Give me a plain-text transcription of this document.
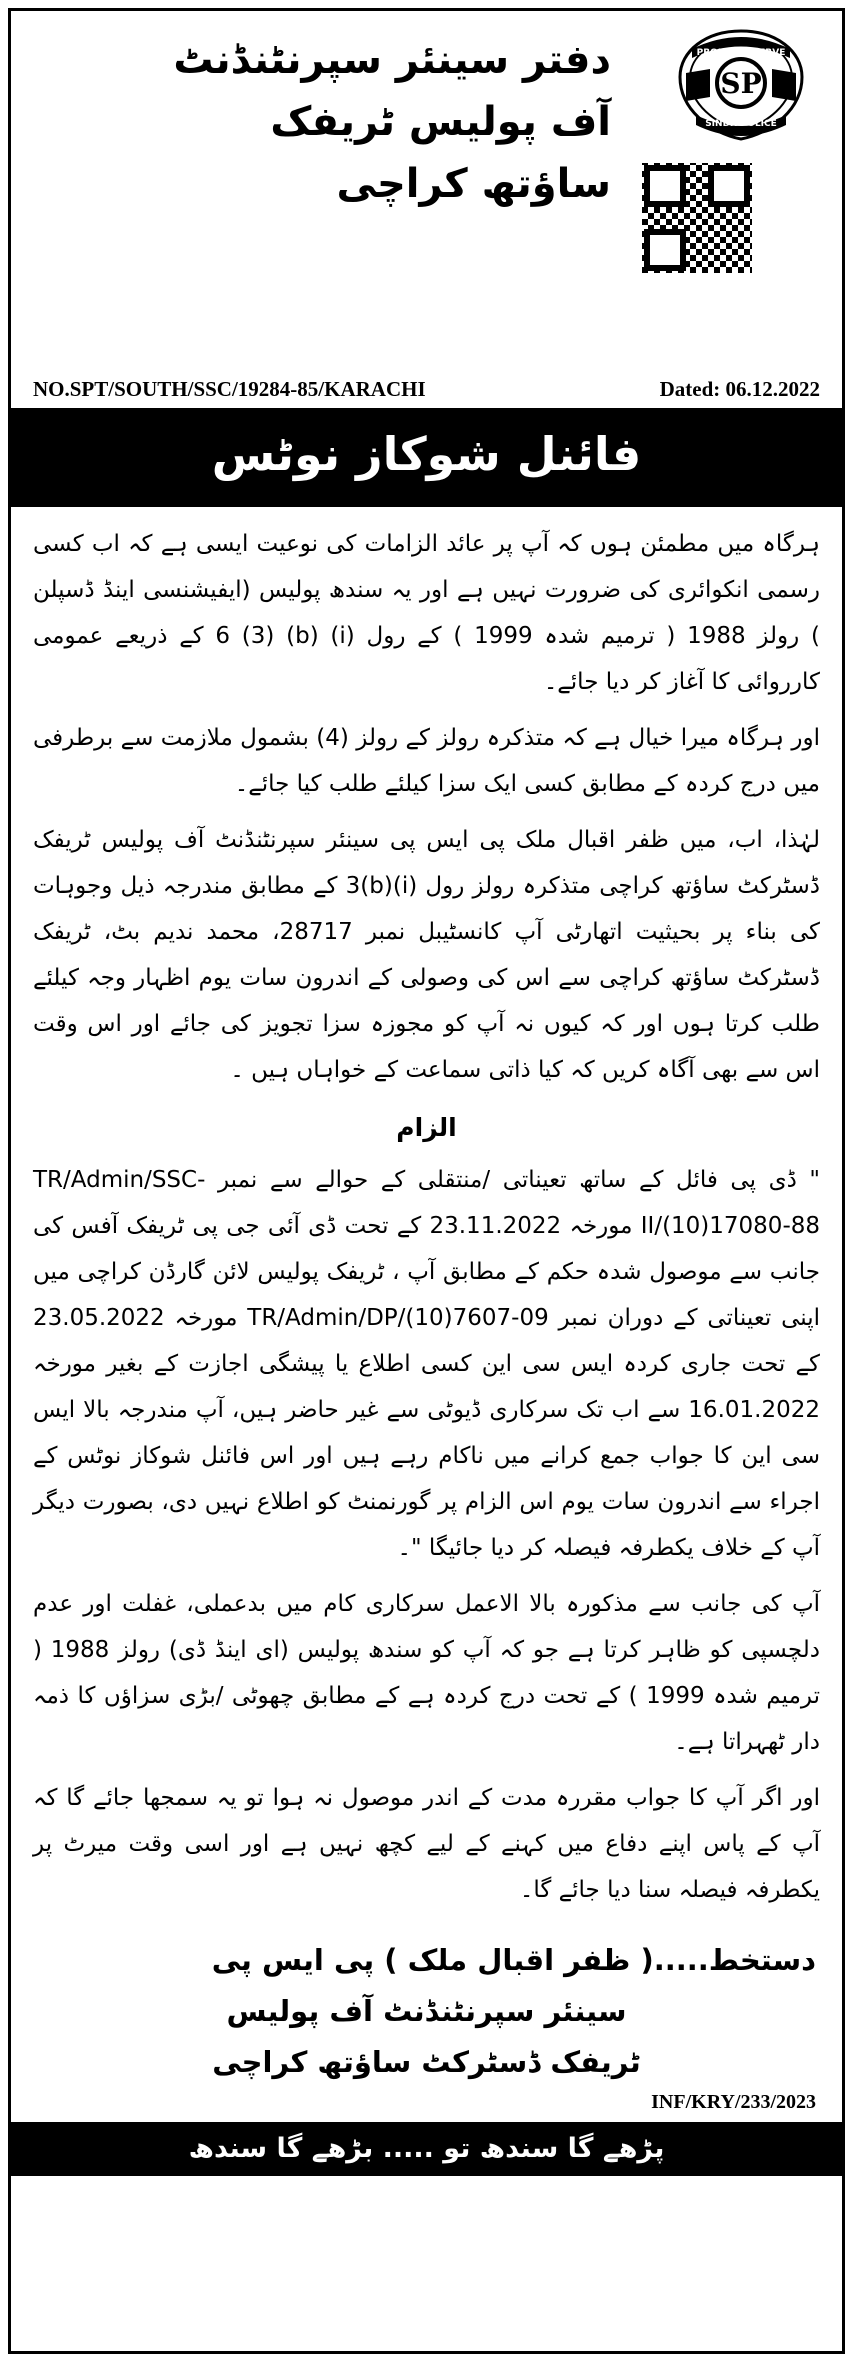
دفتر سینئر سپرنٹنڈنٹ
آف پولیس ٹریفک
ساؤتھ کراچی
PROUD TO SERVE
SP
SINDH POLICE
NO.SPT/SOUTH/SSC/19284-85/KARACHI	Dated: 06.12.2022
فائنل شوکاز نوٹس

ہرگاہ میں مطمئن ہوں کہ آپ پر عائد الزامات کی نوعیت ایسی ہے کہ اب کسی رسمی انکوائری کی ضرورت نہیں ہے اور یہ سندھ پولیس (ایفیشنسی اینڈ ڈسپلن ) رولز 1988 ( ترمیم شدہ 1999 ) کے رول (i) (b) (3) 6 کے ذریعے عمومی کارروائی کا آغاز کر دیا جائے۔

اور ہرگاہ میرا خیال ہے کہ متذکرہ رولز کے رولز (4) بشمول ملازمت سے برطرفی میں درج کردہ کے مطابق کسی ایک سزا کیلئے طلب کیا جائے۔

لہٰذا، اب، میں ظفر اقبال ملک پی ایس پی سینئر سپرنٹنڈنٹ آف پولیس ٹریفک ڈسٹرکٹ ساؤتھ کراچی متذکرہ رولز رول (i)3(b) کے مطابق مندرجہ ذیل وجوہات کی بناء پر بحیثیت اتھارٹی آپ کانسٹیبل نمبر 28717، محمد ندیم بٹ، ٹریفک ڈسٹرکٹ ساؤتھ کراچی سے اس کی وصولی کے اندرون سات یوم اظہار وجہ کیلئے طلب کرتا ہوں اور کہ کیوں نہ آپ کو مجوزہ سزا تجویز کی جائے اور اس وقت اس سے بھی آگاہ کریں کہ کیا ذاتی سماعت کے خواہاں ہیں ۔

الزام

" ڈی پی فائل کے ساتھ تعیناتی /منتقلی کے حوالے سے نمبر TR/Admin/SSC-II/(10)17080-88 مورخہ 23.11.2022 کے تحت ڈی آئی جی پی ٹریفک آفس کی جانب سے موصول شدہ حکم کے مطابق آپ ، ٹریفک پولیس لائن گارڈن کراچی میں اپنی تعیناتی کے دوران نمبر TR/Admin/DP/(10)7607-09 مورخہ 23.05.2022 کے تحت جاری کردہ ایس سی این کسی اطلاع یا پیشگی اجازت کے بغیر مورخہ 16.01.2022 سے اب تک سرکاری ڈیوٹی سے غیر حاضر ہیں، آپ مندرجہ بالا ایس سی این کا جواب جمع کرانے میں ناکام رہے ہیں اور اس فائنل شوکاز نوٹس کے اجراء سے اندرون سات یوم اس الزام پر گورنمنٹ کو اطلاع نہیں دی، بصورت دیگر آپ کے خلاف یکطرفہ فیصلہ کر دیا جائیگا "۔

آپ کی جانب سے مذکورہ بالا الاعمل سرکاری کام میں بدعملی، غفلت اور عدم دلچسپی کو ظاہر کرتا ہے جو کہ آپ کو سندھ پولیس (ای اینڈ ڈی) رولز 1988 ( ترمیم شدہ 1999 ) کے تحت درج کردہ ہے کے مطابق چھوٹی /بڑی سزاؤں کا ذمہ دار ٹھہراتا ہے۔

اور اگر آپ کا جواب مقررہ مدت کے اندر موصول نہ ہوا تو یہ سمجھا جائے گا کہ آپ کے پاس اپنے دفاع میں کہنے کے لیے کچھ نہیں ہے اور اسی وقت میرٹ پر یکطرفہ فیصلہ سنا دیا جائے گا۔

دستخط.....( ظفر اقبال ملک ) پی ایس پی
سینئر سپرنٹنڈنٹ آف پولیس
ٹریفک ڈسٹرکٹ ساؤتھ کراچی
INF/KRY/233/2023
پڑھے گا سندھ تو ..... بڑھے گا سندھ
